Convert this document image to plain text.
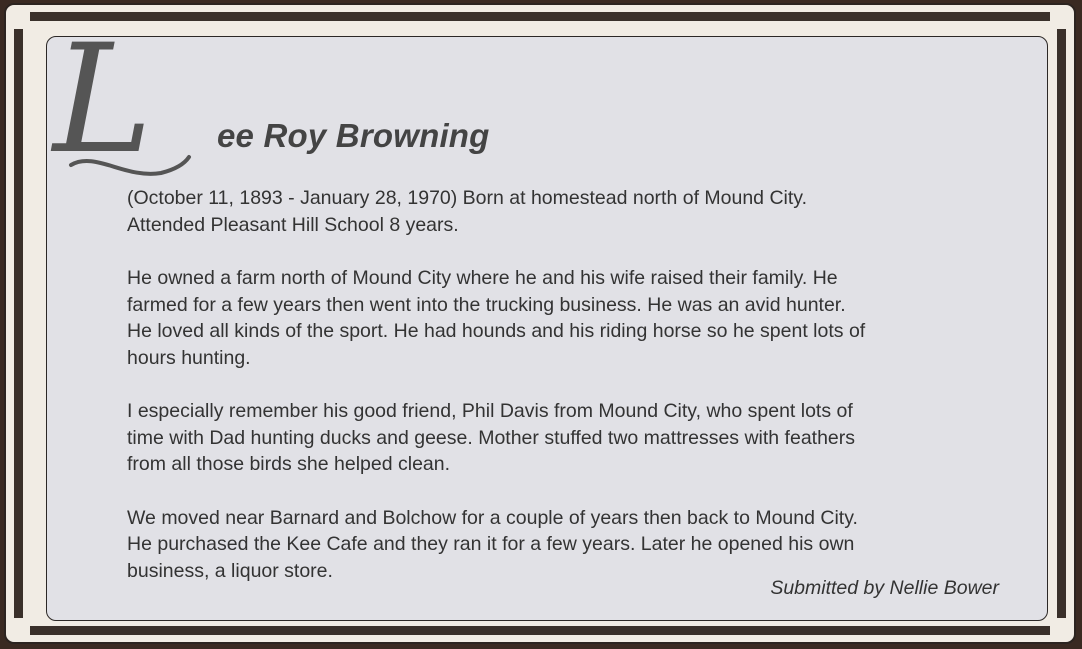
L ee Roy Browning

(October 11, 1893 - January 28, 1970) Born at homestead north of Mound City.
Attended Pleasant Hill School 8 years.

He owned a farm north of Mound City where he and his wife raised their family. He
farmed for a few years then went into the trucking business. He was an avid hunter.
He loved all kinds of the sport. He had hounds and his riding horse so he spent lots of
hours hunting.

I especially remember his good friend, Phil Davis from Mound City, who spent lots of
time with Dad hunting ducks and geese. Mother stuffed two mattresses with feathers
from all those birds she helped clean.

We moved near Barnard and Bolchow for a couple of years then back to Mound City.
He purchased the Kee Cafe and they ran it for a few years. Later he opened his own
business, a liquor store.

Submitted by Nellie Bower
